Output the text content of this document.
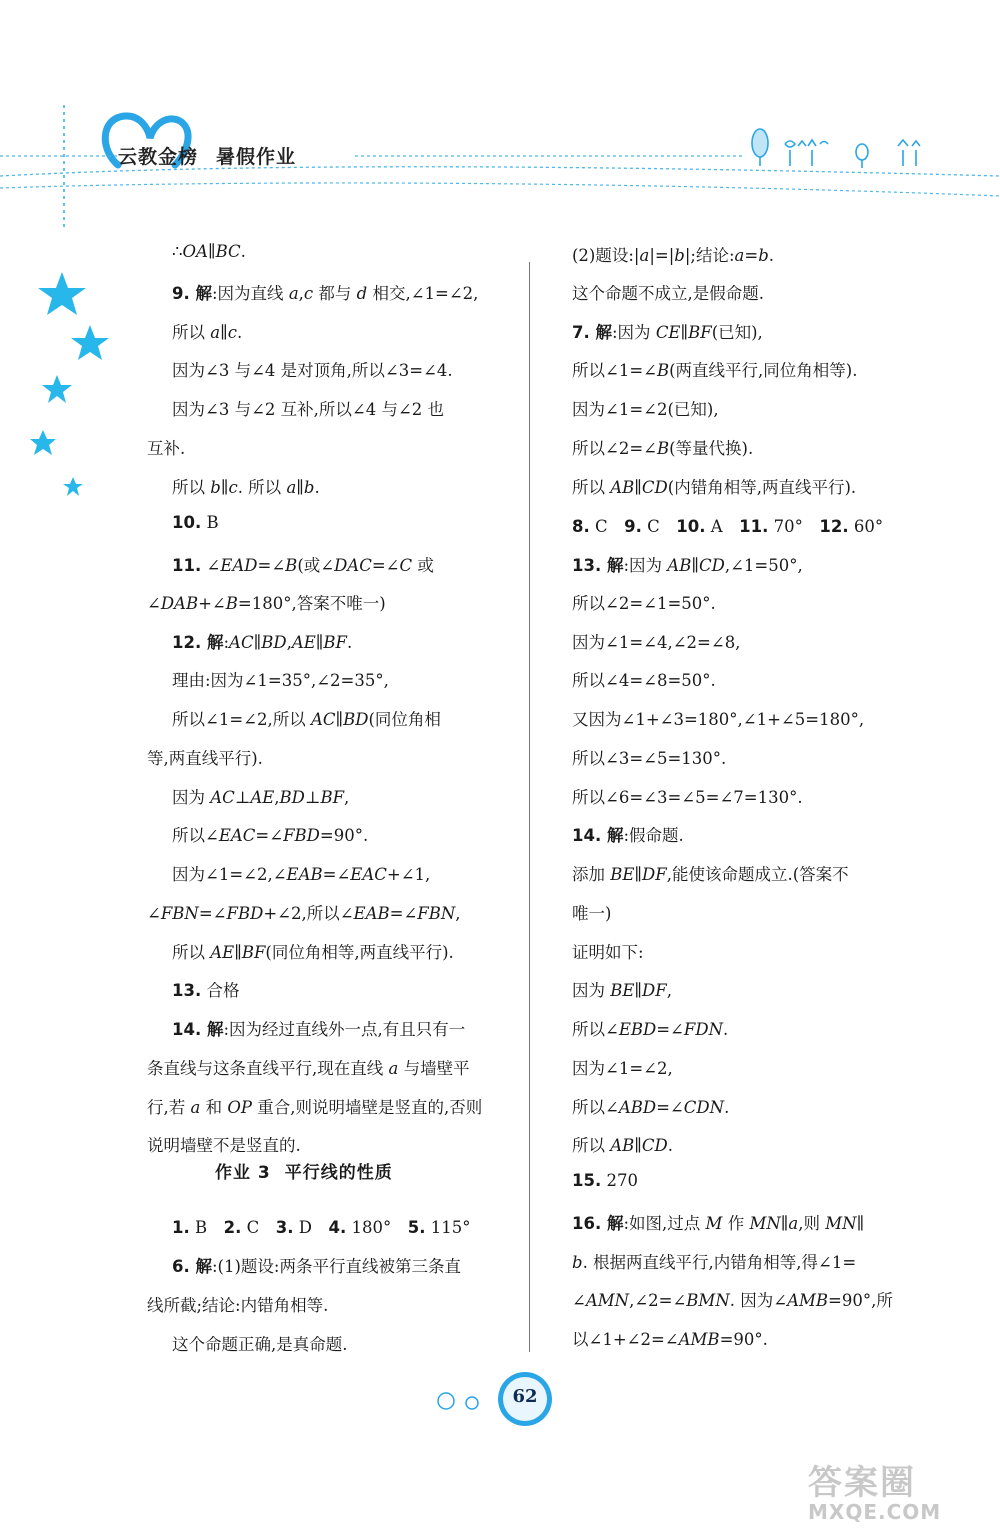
云教金榜 暑假作业
∴OA∥BC.
9. 解:因为直线 a,c 都与 d 相交,∠1=∠2,
所以 a∥c.
因为∠3 与∠4 是对顶角,所以∠3=∠4.
因为∠3 与∠2 互补,所以∠4 与∠2 也
互补.
所以 b∥c. 所以 a∥b.
10. B
11. ∠EAD=∠B(或∠DAC=∠C 或
∠DAB+∠B=180°,答案不唯一)
12. 解:AC∥BD,AE∥BF.
理由:因为∠1=35°,∠2=35°,
所以∠1=∠2,所以 AC∥BD(同位角相
等,两直线平行).
因为 AC⊥AE,BD⊥BF,
所以∠EAC=∠FBD=90°.
因为∠1=∠2,∠EAB=∠EAC+∠1,
∠FBN=∠FBD+∠2,所以∠EAB=∠FBN,
所以 AE∥BF(同位角相等,两直线平行).
13. 合格
14. 解:因为经过直线外一点,有且只有一
条直线与这条直线平行,现在直线 a 与墙壁平
行,若 a 和 OP 重合,则说明墙壁是竖直的,否则
说明墙壁不是竖直的.
1. B　2. C　3. D　4. 180°　5. 115°
6. 解:(1)题设:两条平行直线被第三条直
线所截;结论:内错角相等.
这个命题正确,是真命题.
作业 3 平行线的性质
(2)题设:|a|=|b|;结论:a=b.
这个命题不成立,是假命题.
7. 解:因为 CE∥BF(已知),
所以∠1=∠B(两直线平行,同位角相等).
因为∠1=∠2(已知),
所以∠2=∠B(等量代换).
所以 AB∥CD(内错角相等,两直线平行).
8. C　9. C　10. A　11. 70°　12. 60°
13. 解:因为 AB∥CD,∠1=50°,
所以∠2=∠1=50°.
因为∠1=∠4,∠2=∠8,
所以∠4=∠8=50°.
又因为∠1+∠3=180°,∠1+∠5=180°,
所以∠3=∠5=130°.
所以∠6=∠3=∠5=∠7=130°.
14. 解:假命题.
添加 BE∥DF,能使该命题成立.(答案不
唯一)
证明如下:
因为 BE∥DF,
所以∠EBD=∠FDN.
因为∠1=∠2,
所以∠ABD=∠CDN.
所以 AB∥CD.
15. 270
16. 解:如图,过点 M 作 MN∥a,则 MN∥
b. 根据两直线平行,内错角相等,得∠1=
∠AMN,∠2=∠BMN. 因为∠AMB=90°,所
以∠1+∠2=∠AMB=90°.
62
答案圈
MXQE.COM
